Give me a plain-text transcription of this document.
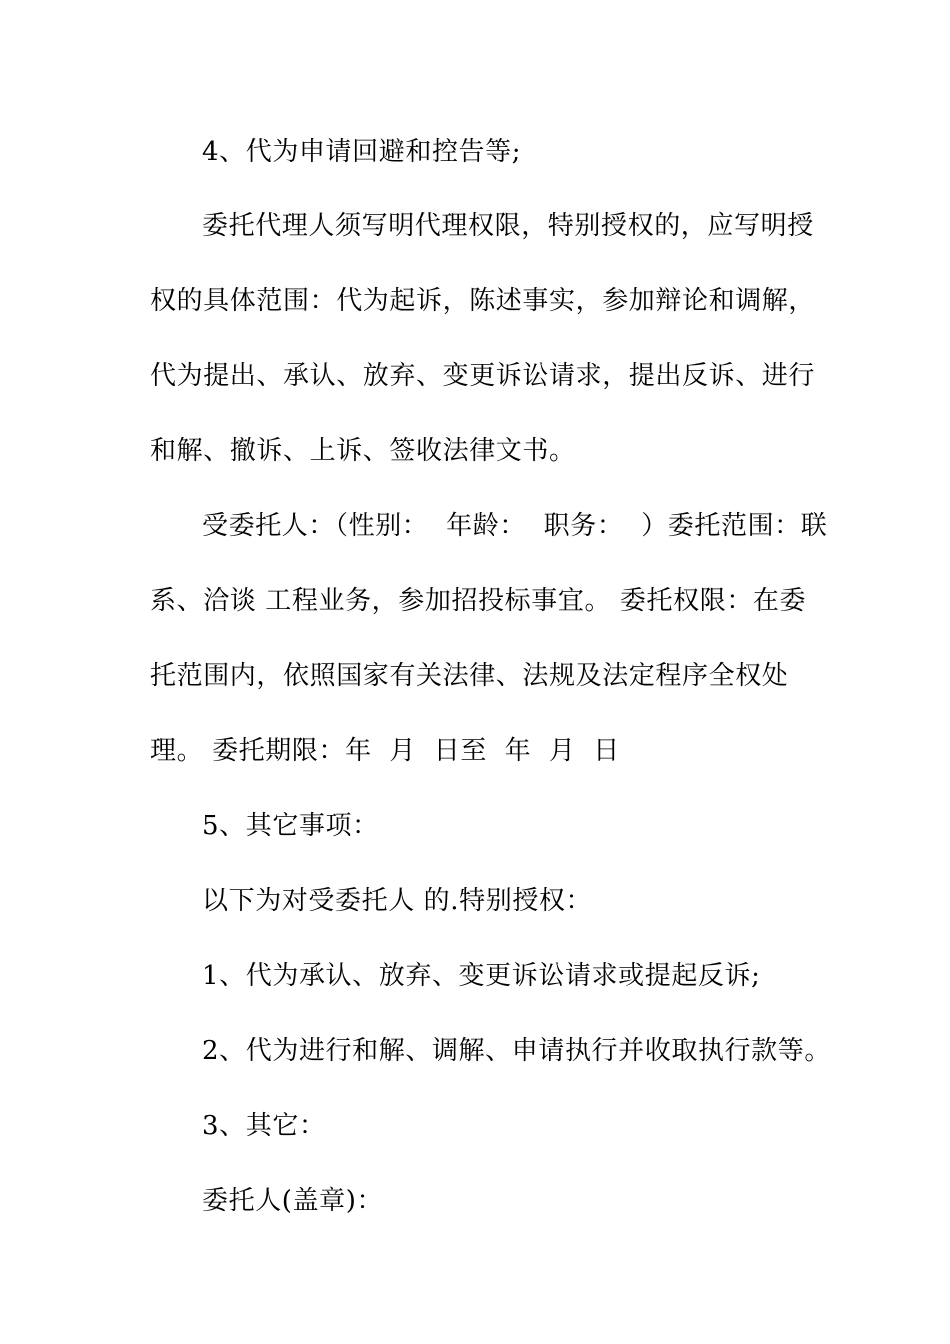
4、代为申请回避和控告等;
委托代理人须写明代理权限，特别授权的，应写明授
权的具体范围：代为起诉，陈述事实，参加辩论和调解，
代为提出、承认、放弃、变更诉讼请求，提出反诉、进行
和解、撤诉、上诉、签收法律文书。
受委托人：（性别：  年龄：  职务：  ）委托范围：联
系、洽谈 工程业务，参加招投标事宜。 委托权限：在委
托范围内，依照国家有关法律、法规及法定程序全权处
理。 委托期限：年  月  日至  年  月  日
5、其它事项：
以下为对受委托人 的.特别授权：
1、代为承认、放弃、变更诉讼请求或提起反诉;
2、代为进行和解、调解、申请执行并收取执行款等。
3、其它：
委托人(盖章)：
